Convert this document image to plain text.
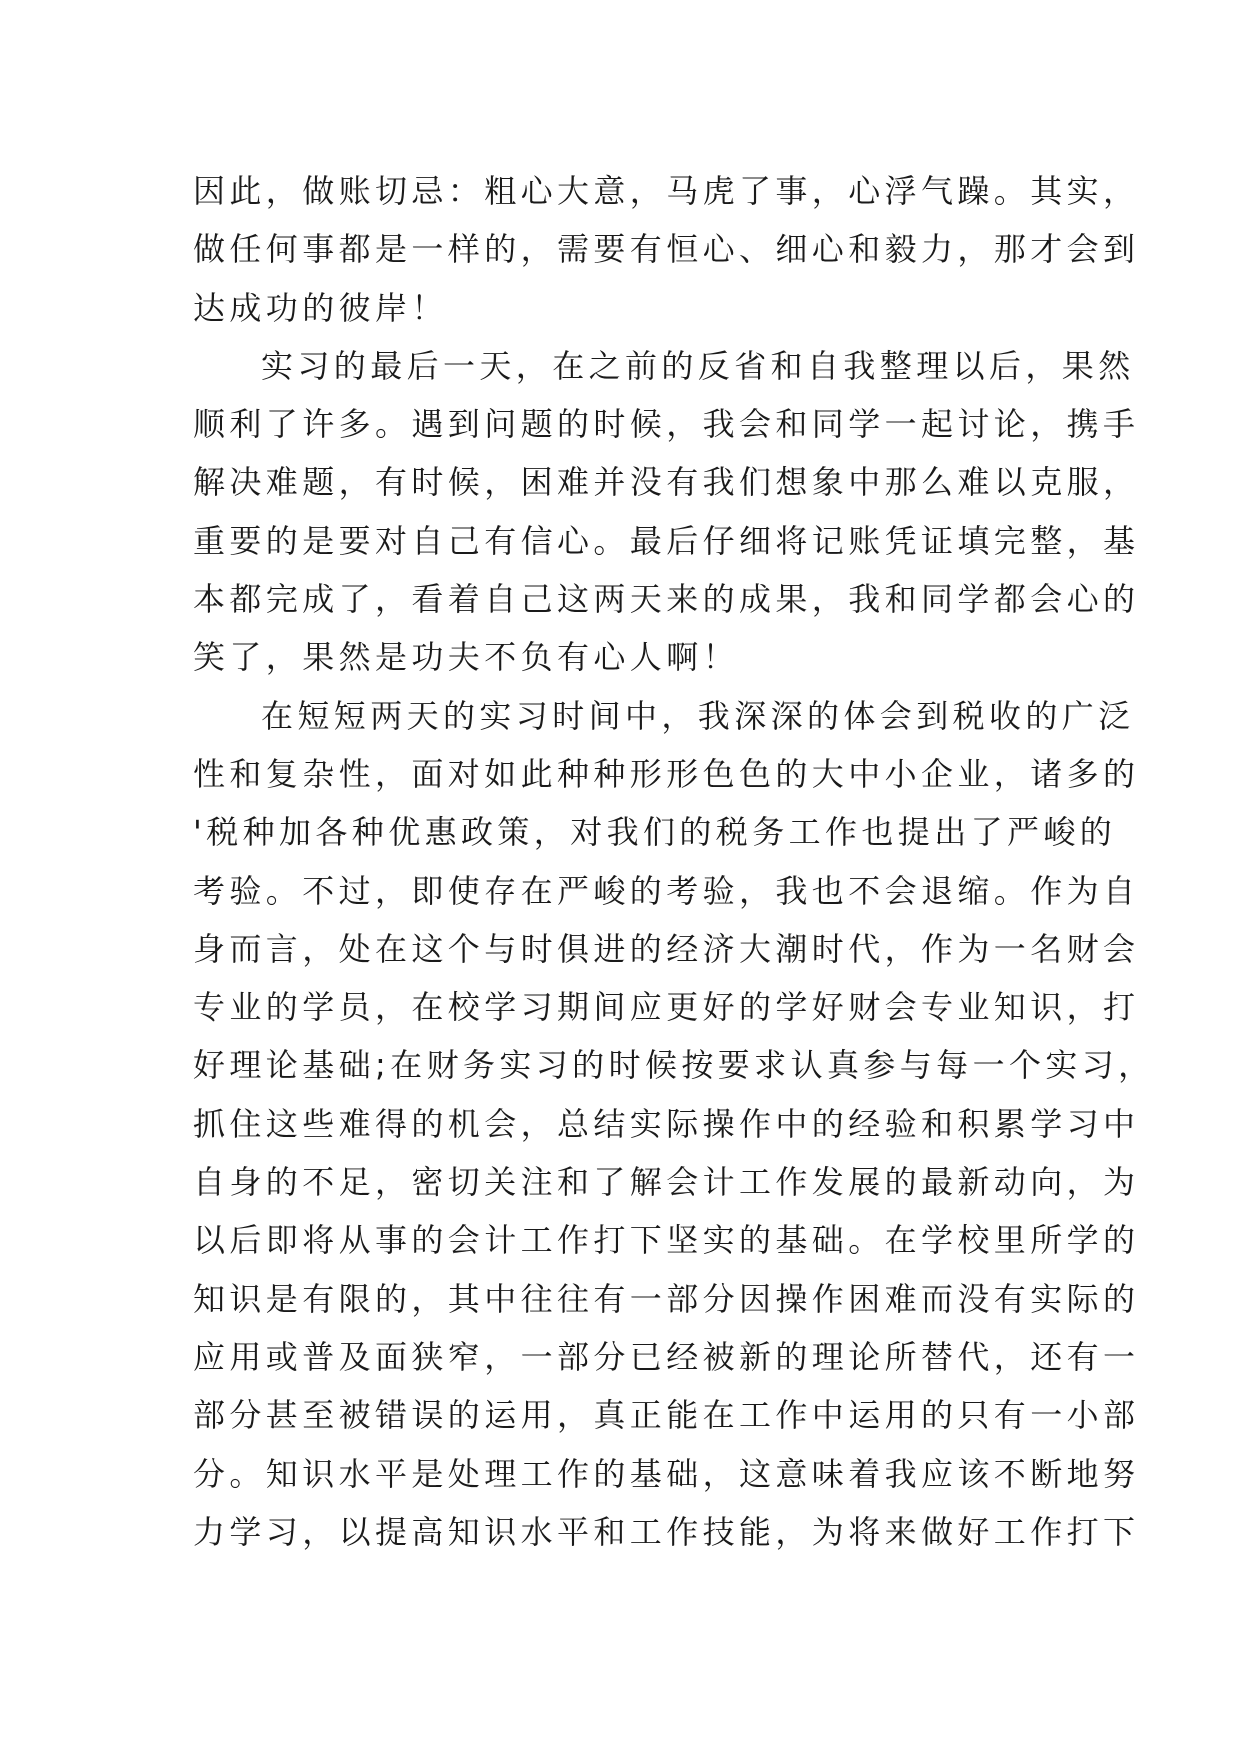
因此，做账切忌：粗心大意，马虎了事，心浮气躁。其实，
做任何事都是一样的，需要有恒心、细心和毅力，那才会到
达成功的彼岸！
实习的最后一天，在之前的反省和自我整理以后，果然
顺利了许多。遇到问题的时候，我会和同学一起讨论，携手
解决难题，有时候，困难并没有我们想象中那么难以克服，
重要的是要对自己有信心。最后仔细将记账凭证填完整，基
本都完成了，看着自己这两天来的成果，我和同学都会心的
笑了，果然是功夫不负有心人啊！
在短短两天的实习时间中，我深深的体会到税收的广泛
性和复杂性，面对如此种种形形色色的大中小企业，诸多的
'税种加各种优惠政策，对我们的税务工作也提出了严峻的
考验。不过，即使存在严峻的考验，我也不会退缩。作为自
身而言，处在这个与时俱进的经济大潮时代，作为一名财会
专业的学员，在校学习期间应更好的学好财会专业知识，打
好理论基础;在财务实习的时候按要求认真参与每一个实习，
抓住这些难得的机会，总结实际操作中的经验和积累学习中
自身的不足，密切关注和了解会计工作发展的最新动向，为
以后即将从事的会计工作打下坚实的基础。在学校里所学的
知识是有限的，其中往往有一部分因操作困难而没有实际的
应用或普及面狭窄，一部分已经被新的理论所替代，还有一
部分甚至被错误的运用，真正能在工作中运用的只有一小部
分。知识水平是处理工作的基础，这意味着我应该不断地努
力学习，以提高知识水平和工作技能，为将来做好工作打下
